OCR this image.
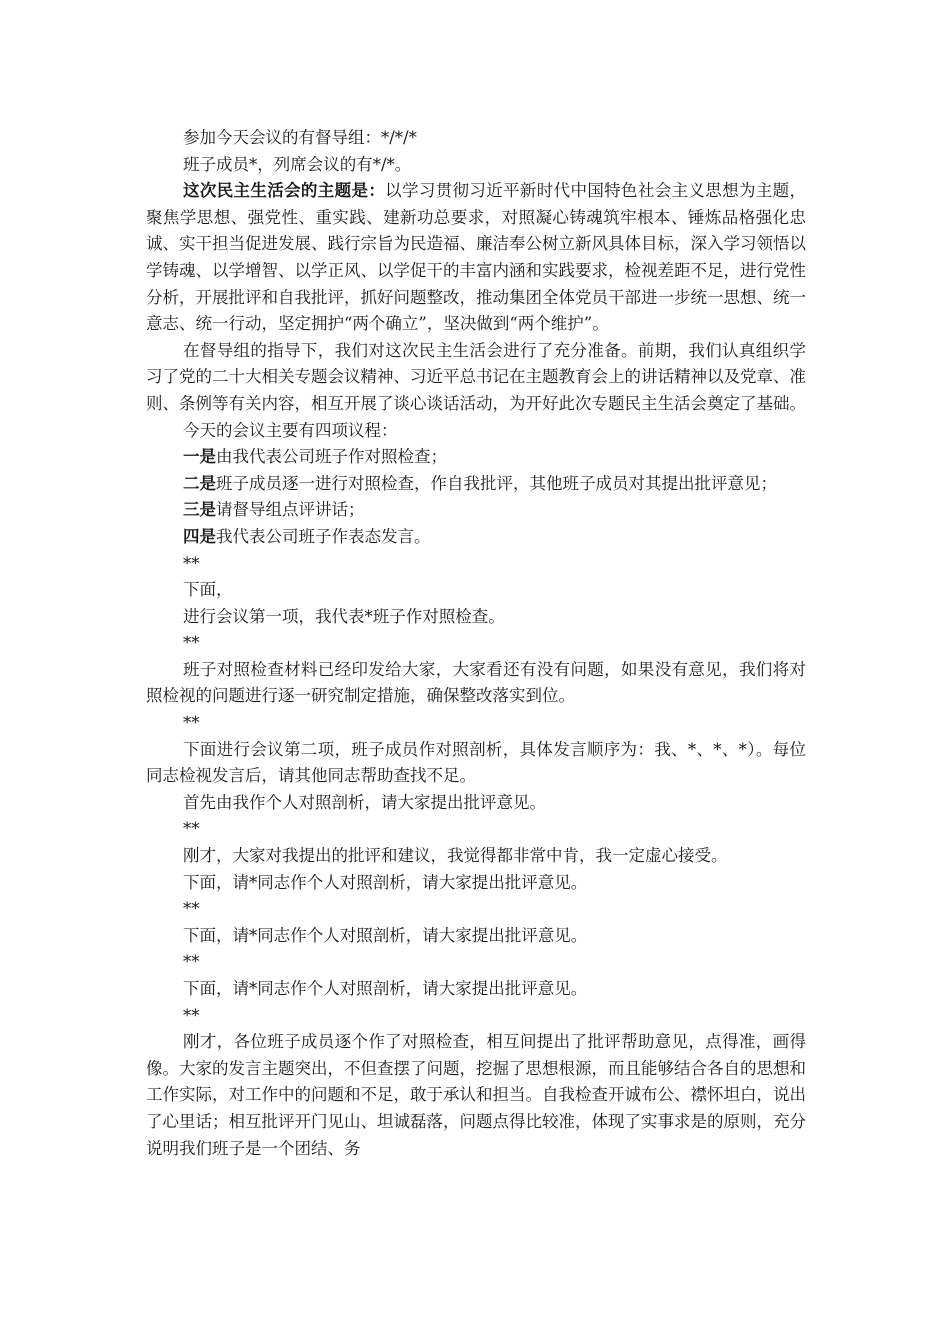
参加今天会议的有督导组：*/*/*

班子成员*，列席会议的有*/*。

这次民主生活会的主题是：以学习贯彻习近平新时代中国特色社会主义思想为主题，聚焦学思想、强党性、重实践、建新功总要求，对照凝心铸魂筑牢根本、锤炼品格强化忠诚、实干担当促进发展、践行宗旨为民造福、廉洁奉公树立新风具体目标，深入学习领悟以学铸魂、以学增智、以学正风、以学促干的丰富内涵和实践要求，检视差距不足，进行党性分析，开展批评和自我批评，抓好问题整改，推动集团全体党员干部进一步统一思想、统一意志、统一行动，坚定拥护“两个确立”，坚决做到“两个维护”。

在督导组的指导下，我们对这次民主生活会进行了充分准备。前期，我们认真组织学习了党的二十大相关专题会议精神、习近平总书记在主题教育会上的讲话精神以及党章、准则、条例等有关内容，相互开展了谈心谈话活动，为开好此次专题民主生活会奠定了基础。

今天的会议主要有四项议程：

一是由我代表公司班子作对照检查；

二是班子成员逐一进行对照检查，作自我批评，其他班子成员对其提出批评意见；

三是请督导组点评讲话；

四是我代表公司班子作表态发言。

**

下面，

进行会议第一项，我代表*班子作对照检查。

**

班子对照检查材料已经印发给大家，大家看还有没有问题，如果没有意见，我们将对照检视的问题进行逐一研究制定措施，确保整改落实到位。

**

下面进行会议第二项，班子成员作对照剖析，具体发言顺序为：我、*、*、*）。每位同志检视发言后，请其他同志帮助查找不足。

首先由我作个人对照剖析，请大家提出批评意见。

**

刚才，大家对我提出的批评和建议，我觉得都非常中肯，我一定虚心接受。

下面，请*同志作个人对照剖析，请大家提出批评意见。

**

下面，请*同志作个人对照剖析，请大家提出批评意见。

**

下面，请*同志作个人对照剖析，请大家提出批评意见。

**

刚才，各位班子成员逐个作了对照检查，相互间提出了批评帮助意见，点得准，画得像。大家的发言主题突出，不但查摆了问题，挖掘了思想根源，而且能够结合各自的思想和工作实际，对工作中的问题和不足，敢于承认和担当。自我检查开诚布公、襟怀坦白，说出了心里话；相互批评开门见山、坦诚磊落，问题点得比较准，体现了实事求是的原则，充分说明我们班子是一个团结、务
